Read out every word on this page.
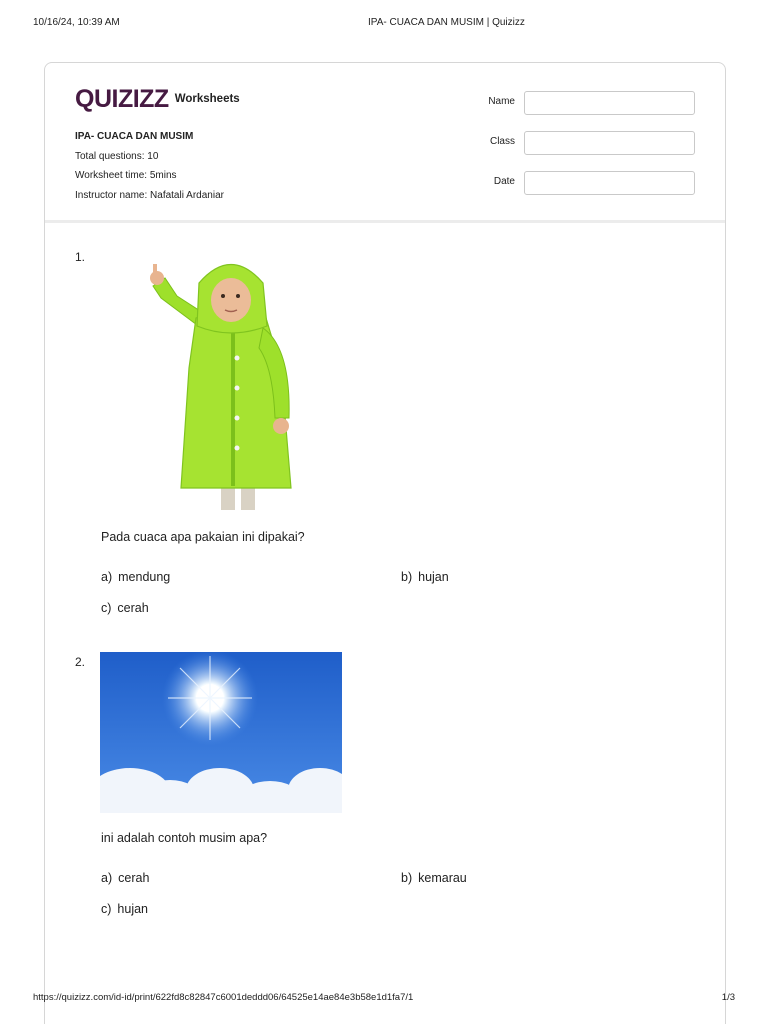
10/16/24, 10:39 AM	IPA- CUACA DAN MUSIM | Quizizz
QUIZIZZ Worksheets
IPA- CUACA DAN MUSIM
Total questions: 10
Worksheet time: 5mins
Instructor name: Nafatali Ardaniar
Name
Class
Date
1.
Pada cuaca apa pakaian ini dipakai?
a) mendung	b) hujan
c) cerah
2.
ini adalah contoh musim apa?
a) cerah	b) kemarau
c) hujan
https://quizizz.com/id-id/print/622fd8c82847c6001deddd06/64525e14ae84e3b58e1d1fa7/1	1/3
